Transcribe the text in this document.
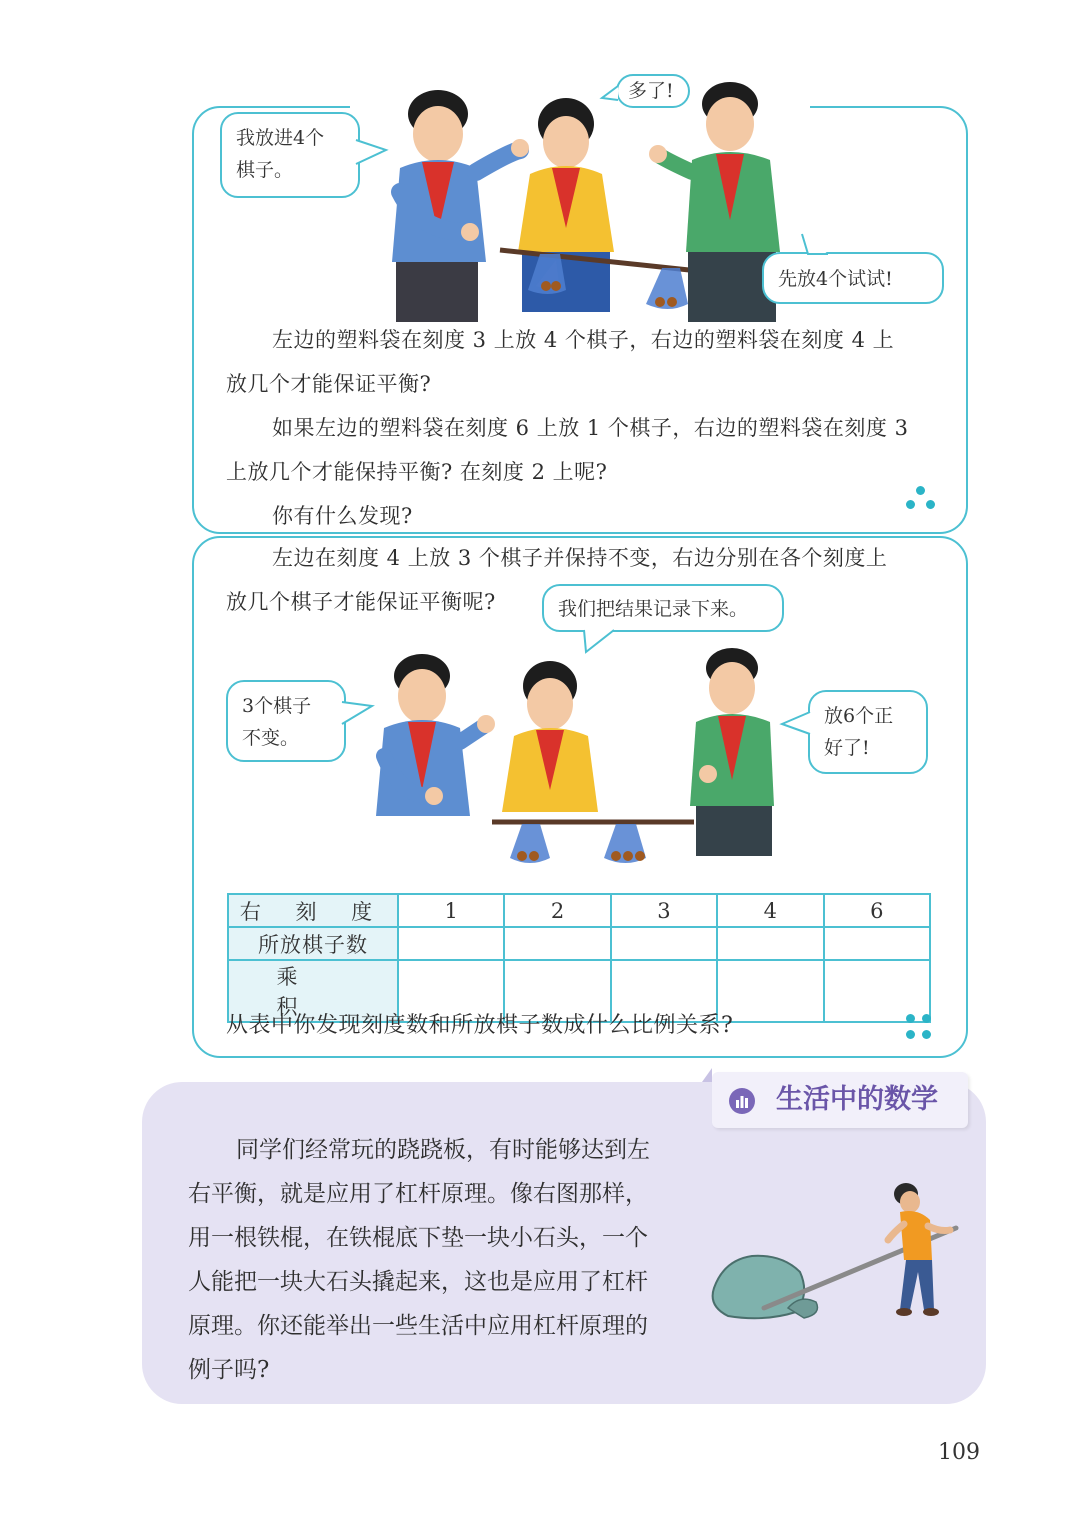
我放进4个
棋子。
多了!
先放4个试试!
左边的塑料袋在刻度 3 上放 4 个棋子，右边的塑料袋在刻度 4 上
放几个才能保证平衡?
如果左边的塑料袋在刻度 6 上放 1 个棋子，右边的塑料袋在刻度 3
上放几个才能保持平衡? 在刻度 2 上呢?
你有什么发现?
左边在刻度 4 上放 3 个棋子并保持不变，右边分别在各个刻度上
放几个棋子才能保证平衡呢?	我们把结果记录下来。
3个棋子
不变。
放6个正
好了!
右 刻 度	1	2	3	4	6
所放棋子数					
乘 积					
从表中你发现刻度数和所放棋子数成什么比例关系?
生活中的数学
同学们经常玩的跷跷板，有时能够达到左
右平衡，就是应用了杠杆原理。像右图那样，
用一根铁棍，在铁棍底下垫一块小石头，一个
人能把一块大石头撬起来，这也是应用了杠杆
原理。你还能举出一些生活中应用杠杆原理的
例子吗?
109
